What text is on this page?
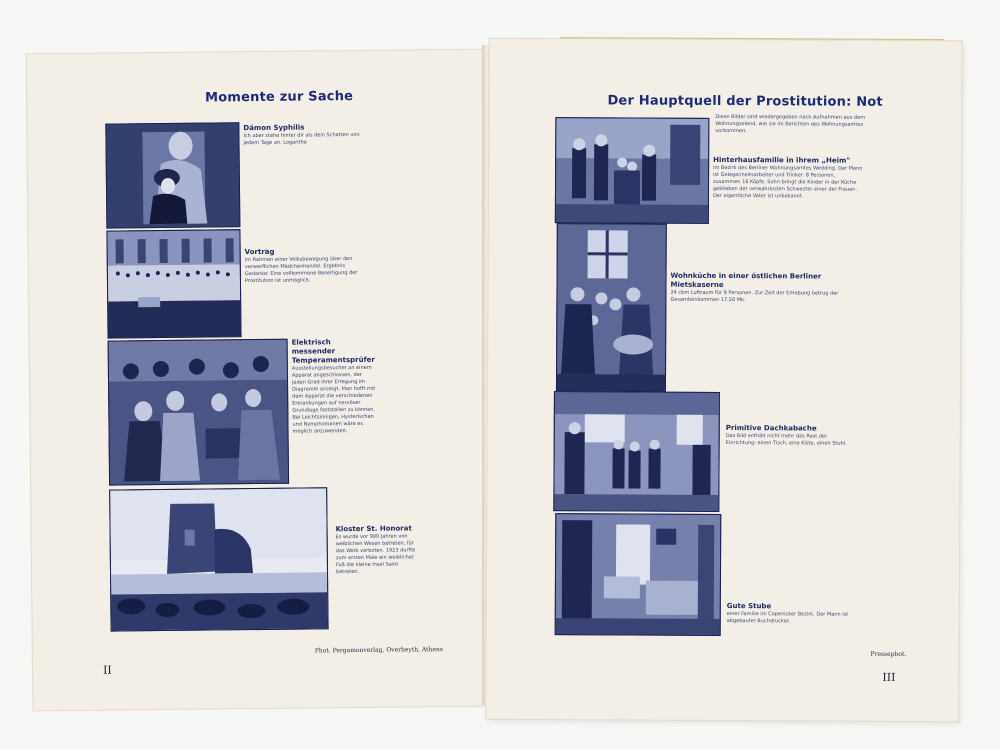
Momente zur Sache
Dämon Syphilis
Ich aber stehe hinter dir als dein Schatten von jedem Tage an. Logarithe
Vortrag
im Rahmen einer Volksbewegung über den verwerflichen Mädchenhandel. Ergebnis Gedanke: Eine vollkommene Beseitigung der Prostitution ist unmöglich.
Elektrisch messender Temperamentsprüfer
Ausstellungsbesucher an einem Apparat angeschlossen, der jeden Grad ihrer Erregung im Diagramm anzeigt. Man hofft mit dem Apparat die verschiedenen Erkrankungen auf nervöser Grundlage feststellen zu können. Bei Leichtsinnigen, Hysterischen und Nymphomanen wäre es möglich anzuwenden.
Kloster St. Honorat
Es wurde vor 900 Jahren von weiblichen Wesen betreten; für das Weib verboten. 1923 durfte zum ersten Male ein weiblicher Fuß die kleine Insel Saint betreten.
Phot. Pergamonverlag, Overbeyth, Athens
II
Der Hauptquell der Prostitution: Not
Diese Bilder sind wiedergegeben nach Aufnahmen aus dem Wohnungselend, wie sie im Berichten des Wohnungsamtes vorkommen.
Hinterhausfamilie in ihrem „Heim"
Im Bezirk des Berliner Wohnungsamtes Wedding. Der Mann ist Gelegenheitsarbeiter und Trinker. 8 Personen, zusammen 16 Köpfe. Sohn bringt die Kinder in der Küche geblieben der verwahrlosten Schwester einer der Frauen. Der eigentliche Vater ist unbekannt.
Wohnküche in einer östlichen Berliner Mietskaserne
24 cbm Luftraum für 9 Personen. Zur Zeit der Erhebung betrug der Gesamteinkommen 17,50 Mk.
Primitive Dachkabache
Das Bild enthält nicht mehr das Rest der Einrichtung: einen Tisch, eine Kiste, einen Stuhl.
Gute Stube
einer Familie im Copenicker Bezirk. Der Mann ist abgebauter Buchdrucker.
Pressephot.
III
